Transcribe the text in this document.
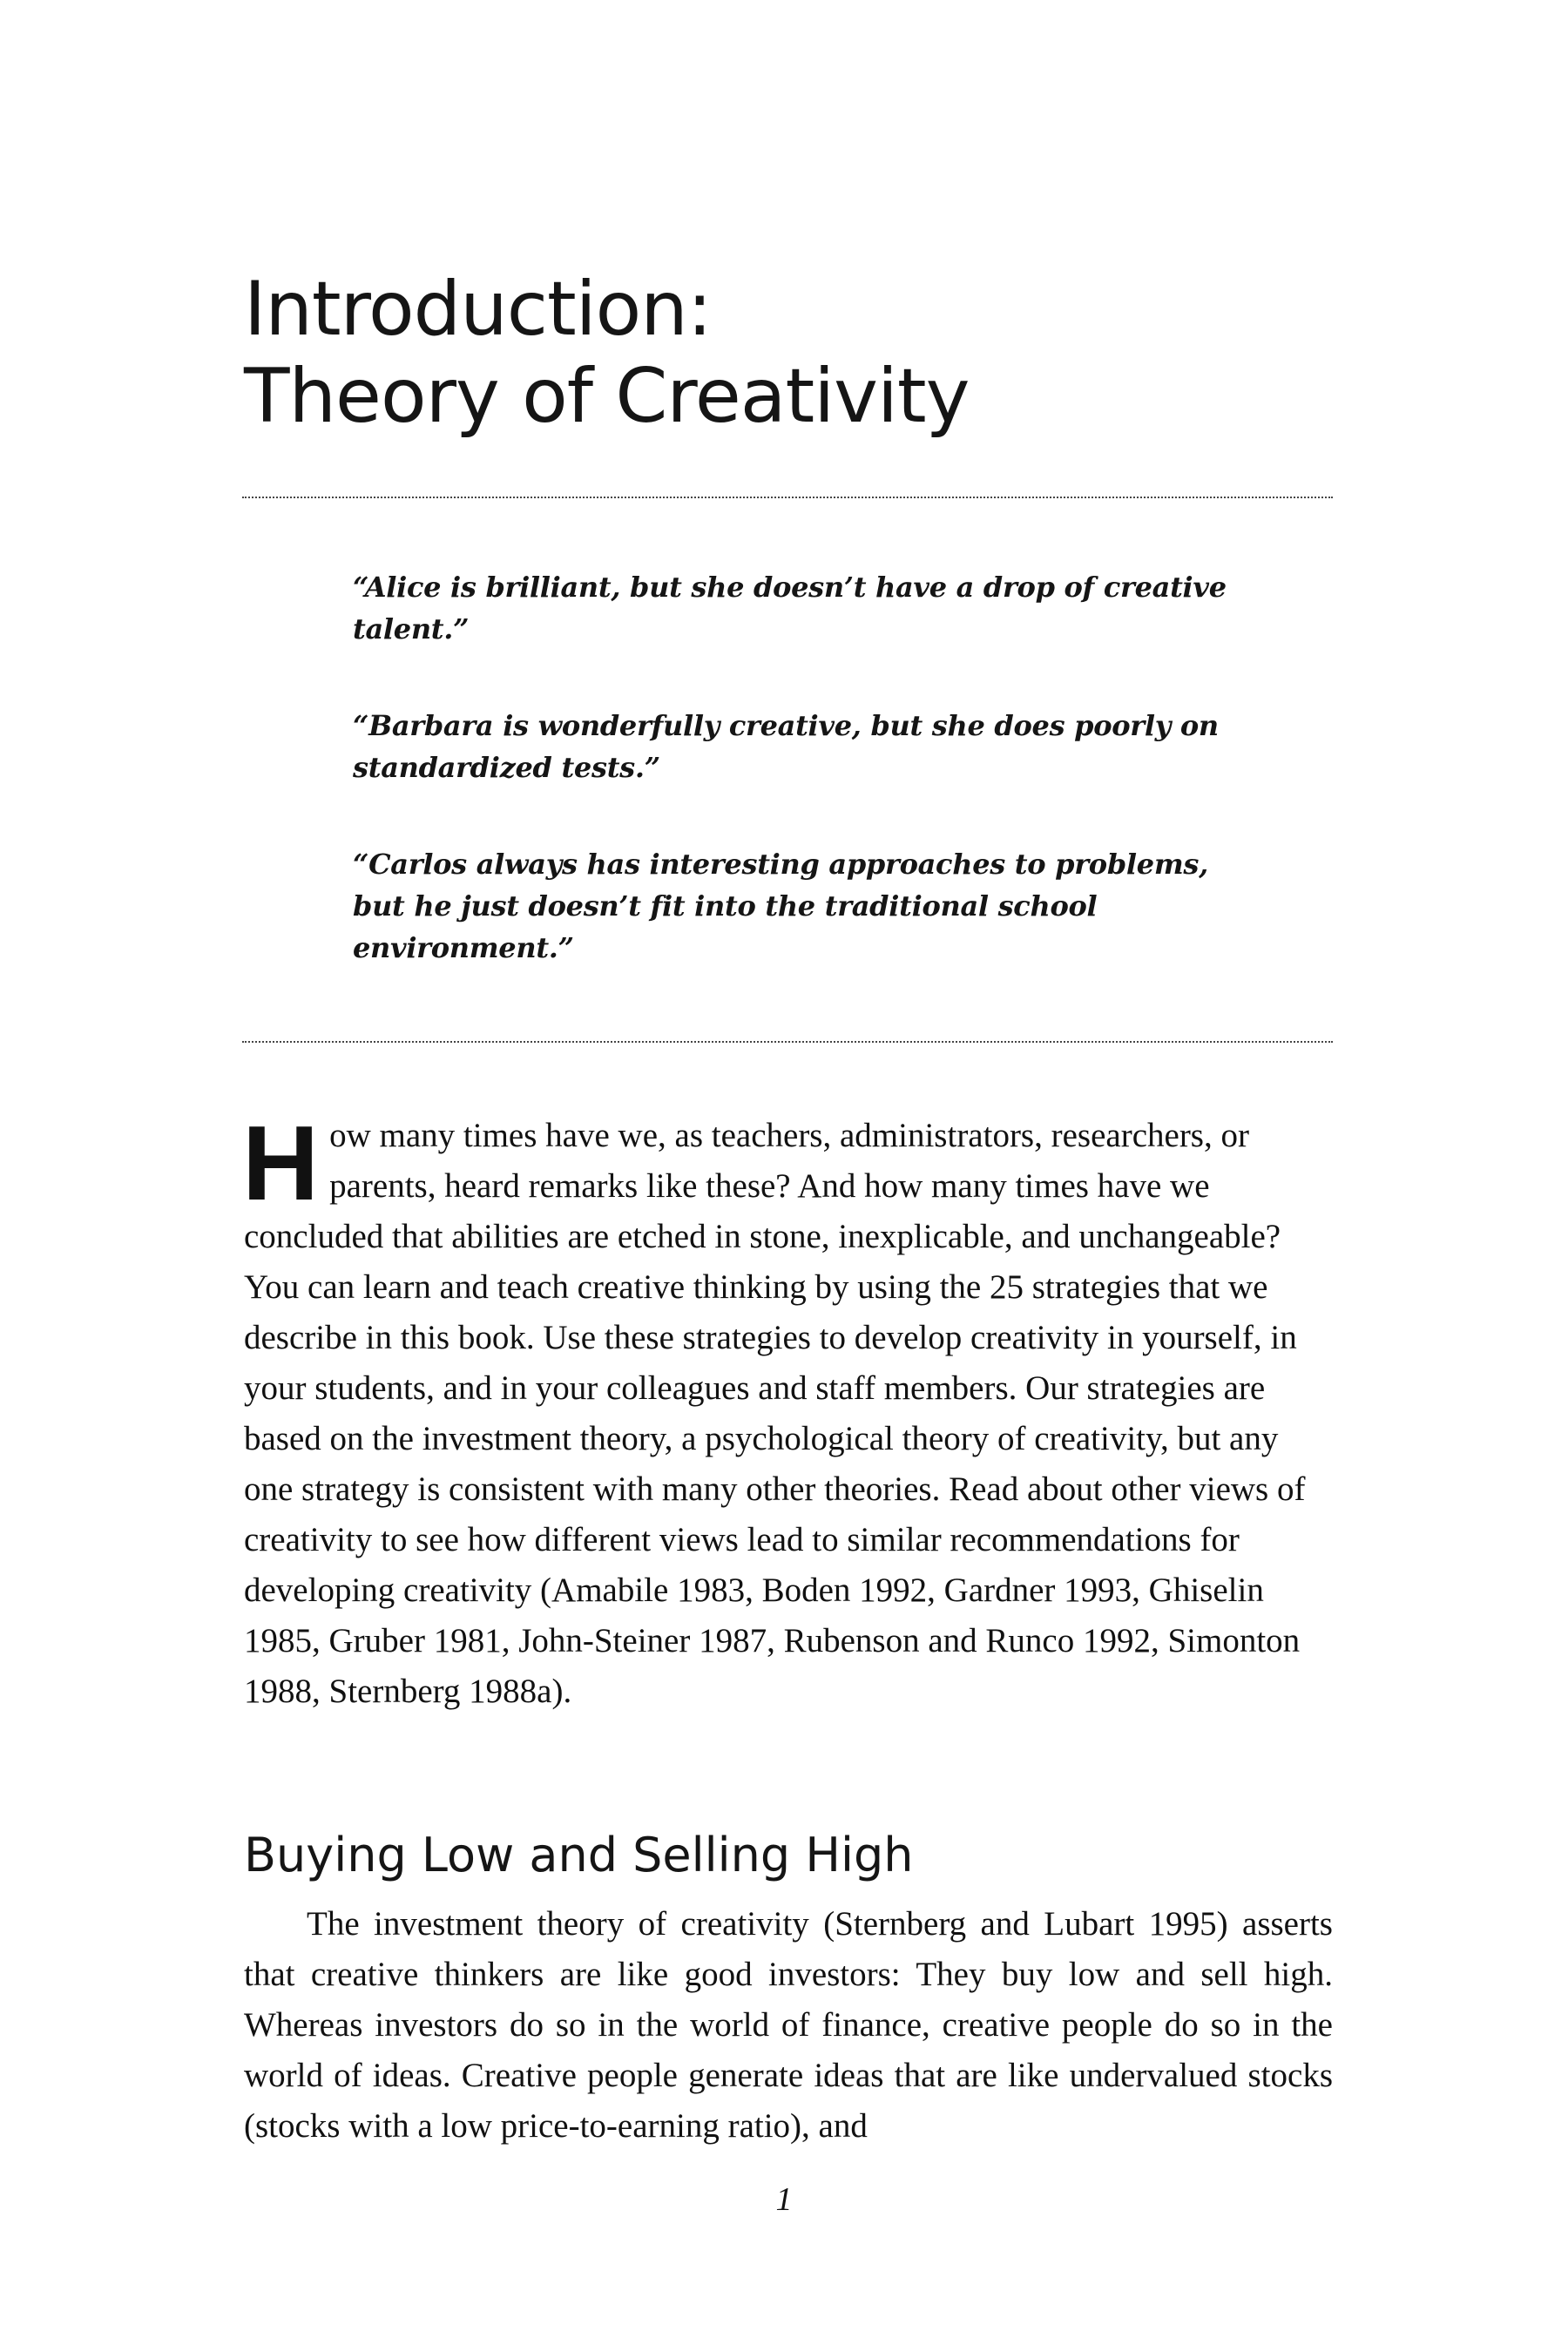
Introduction:
Theory of Creativity

“Alice is brilliant, but she doesn’t have a drop of creative talent.”

“Barbara is wonderfully creative, but she does poorly on standardized tests.”

“Carlos always has interesting approaches to problems, but he just doesn’t fit into the traditional school environment.”

How many times have we, as teachers, administrators, researchers, or parents, heard remarks like these? And how many times have we concluded that abilities are etched in stone, inexplicable, and unchangeable? You can learn and teach creative thinking by using the 25 strategies that we describe in this book. Use these strategies to develop creativity in yourself, in your students, and in your colleagues and staff members. Our strategies are based on the investment theory, a psychological theory of creativity, but any one strategy is consistent with many other theories. Read about other views of creativity to see how different views lead to similar recommendations for developing creativity (Amabile 1983, Boden 1992, Gardner 1993, Ghiselin 1985, Gruber 1981, John-Steiner 1987, Rubenson and Runco 1992, Simonton 1988, Sternberg 1988a).

Buying Low and Selling High

The investment theory of creativity (Sternberg and Lubart 1995) asserts that creative thinkers are like good investors: They buy low and sell high. Whereas investors do so in the world of finance, creative people do so in the world of ideas. Creative people generate ideas that are like undervalued stocks (stocks with a low price-to-earning ratio), and

1
